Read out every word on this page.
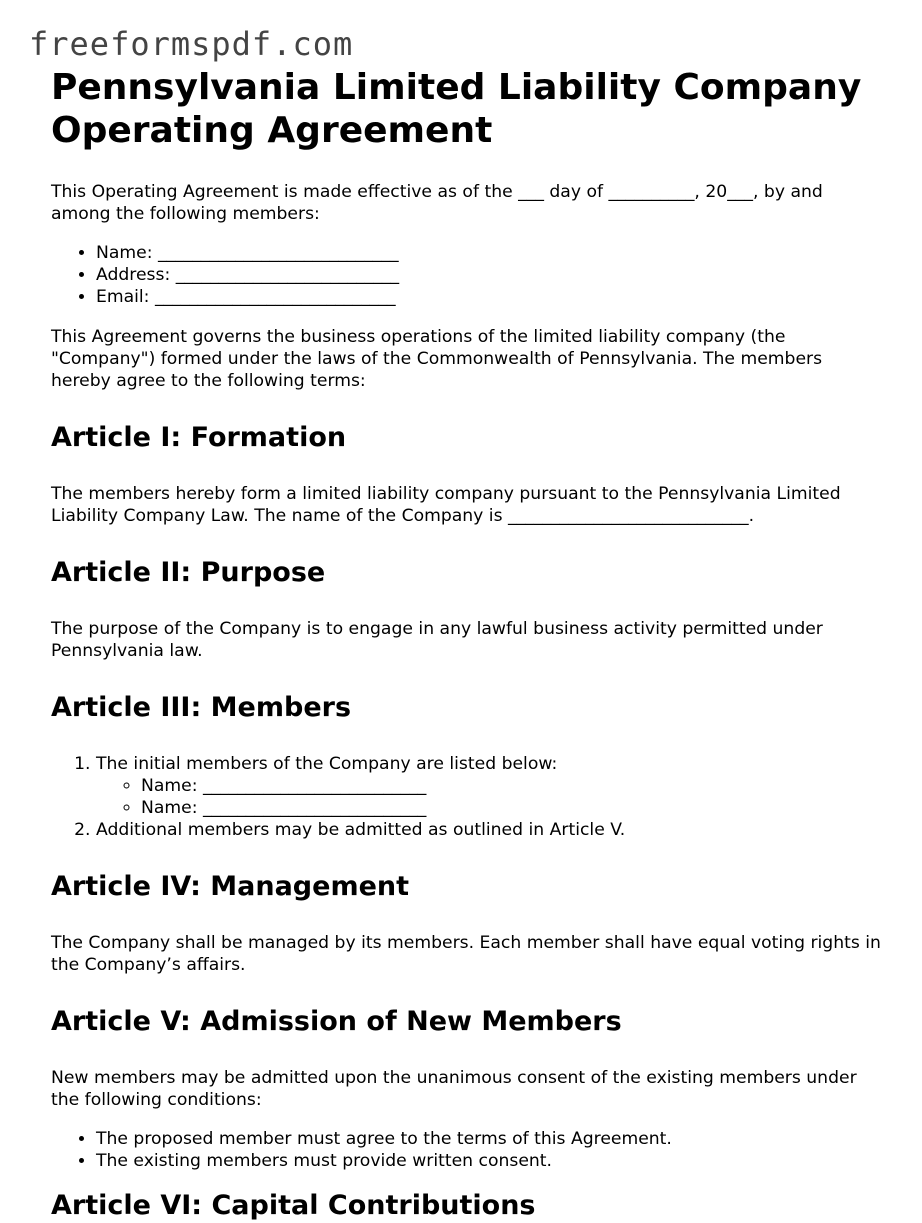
freeformspdf.com
Pennsylvania Limited Liability Company Operating Agreement

This Operating Agreement is made effective as of the ___ day of __________, 20___, by and among the following members:

• Name: ____________________________
• Address: __________________________
• Email: ____________________________

This Agreement governs the business operations of the limited liability company (the "Company") formed under the laws of the Commonwealth of Pennsylvania. The members hereby agree to the following terms:

Article I: Formation

The members hereby form a limited liability company pursuant to the Pennsylvania Limited Liability Company Law. The name of the Company is ____________________________.

Article II: Purpose

The purpose of the Company is to engage in any lawful business activity permitted under Pennsylvania law.

Article III: Members
1. The initial members of the Company are listed below:
◦ Name: __________________________
◦ Name: __________________________
2. Additional members may be admitted as outlined in Article V.
Article IV: Management

The Company shall be managed by its members. Each member shall have equal voting rights in the Company’s affairs.

Article V: Admission of New Members

New members may be admitted upon the unanimous consent of the existing members under the following conditions:

• The proposed member must agree to the terms of this Agreement.
• The existing members must provide written consent.
Article VI: Capital Contributions
